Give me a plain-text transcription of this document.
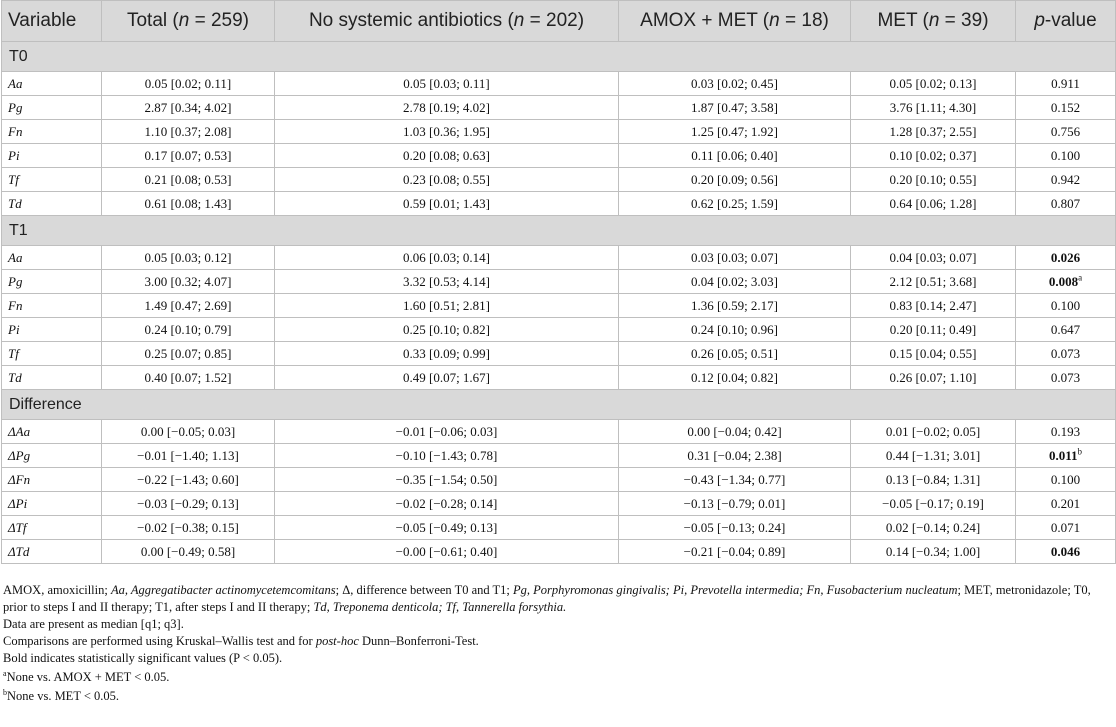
Variable	Total (n = 259)	No systemic antibiotics (n = 202)	AMOX + MET (n = 18)	MET (n = 39)	p-value
T0					
Aa	0.05 [0.02; 0.11]	0.05 [0.03; 0.11]	0.03 [0.02; 0.45]	0.05 [0.02; 0.13]	0.911
Pg	2.87 [0.34; 4.02]	2.78 [0.19; 4.02]	1.87 [0.47; 3.58]	3.76 [1.11; 4.30]	0.152
Fn	1.10 [0.37; 2.08]	1.03 [0.36; 1.95]	1.25 [0.47; 1.92]	1.28 [0.37; 2.55]	0.756
Pi	0.17 [0.07; 0.53]	0.20 [0.08; 0.63]	0.11 [0.06; 0.40]	0.10 [0.02; 0.37]	0.100
Tf	0.21 [0.08; 0.53]	0.23 [0.08; 0.55]	0.20 [0.09; 0.56]	0.20 [0.10; 0.55]	0.942
Td	0.61 [0.08; 1.43]	0.59 [0.01; 1.43]	0.62 [0.25; 1.59]	0.64 [0.06; 1.28]	0.807
T1					
Aa	0.05 [0.03; 0.12]	0.06 [0.03; 0.14]	0.03 [0.03; 0.07]	0.04 [0.03; 0.07]	0.026
Pg	3.00 [0.32; 4.07]	3.32 [0.53; 4.14]	0.04 [0.02; 3.03]	2.12 [0.51; 3.68]	0.008$^a$
Fn	1.49 [0.47; 2.69]	1.60 [0.51; 2.81]	1.36 [0.59; 2.17]	0.83 [0.14; 2.47]	0.100
Pi	0.24 [0.10; 0.79]	0.25 [0.10; 0.82]	0.24 [0.10; 0.96]	0.20 [0.11; 0.49]	0.647
Tf	0.25 [0.07; 0.85]	0.33 [0.09; 0.99]	0.26 [0.05; 0.51]	0.15 [0.04; 0.55]	0.073
Td	0.40 [0.07; 1.52]	0.49 [0.07; 1.67]	0.12 [0.04; 0.82]	0.26 [0.07; 1.10]	0.073
Difference					
ΔAa	0.00 [−0.05; 0.03]	−0.01 [−0.06; 0.03]	0.00 [−0.04; 0.42]	0.01 [−0.02; 0.05]	0.193
ΔPg	−0.01 [−1.40; 1.13]	−0.10 [−1.43; 0.78]	0.31 [−0.04; 2.38]	0.44 [−1.31; 3.01]	0.011$^b$
ΔFn	−0.22 [−1.43; 0.60]	−0.35 [−1.54; 0.50]	−0.43 [−1.34; 0.77]	0.13 [−0.84; 1.31]	0.100
ΔPi	−0.03 [−0.29; 0.13]	−0.02 [−0.28; 0.14]	−0.13 [−0.79; 0.01]	−0.05 [−0.17; 0.19]	0.201
ΔTf	−0.02 [−0.38; 0.15]	−0.05 [−0.49; 0.13]	−0.05 [−0.13; 0.24]	0.02 [−0.14; 0.24]	0.071
ΔTd	0.00 [−0.49; 0.58]	−0.00 [−0.61; 0.40]	−0.21 [−0.04; 0.89]	0.14 [−0.34; 1.00]	0.046

AMOX, amoxicillin; Aa, Aggregatibacter actinomycetemcomitans; Δ, difference between T0 and T1; Pg, Porphyromonas gingivalis; Pi, Prevotella intermedia; Fn, Fusobacterium nucleatum; MET, metronidazole; T0, prior to steps I and II therapy; T1, after steps I and II therapy; Td, Treponema denticola; Tf, Tannerella forsythia.

Data are present as median [q1; q3].

Comparisons are performed using Kruskal–Wallis test and for post-hoc Dunn–Bonferroni-Test.

Bold indicates statistically significant values (P < 0.05).

$^a$None vs. AMOX + MET < 0.05.

$^b$None vs. MET < 0.05.
